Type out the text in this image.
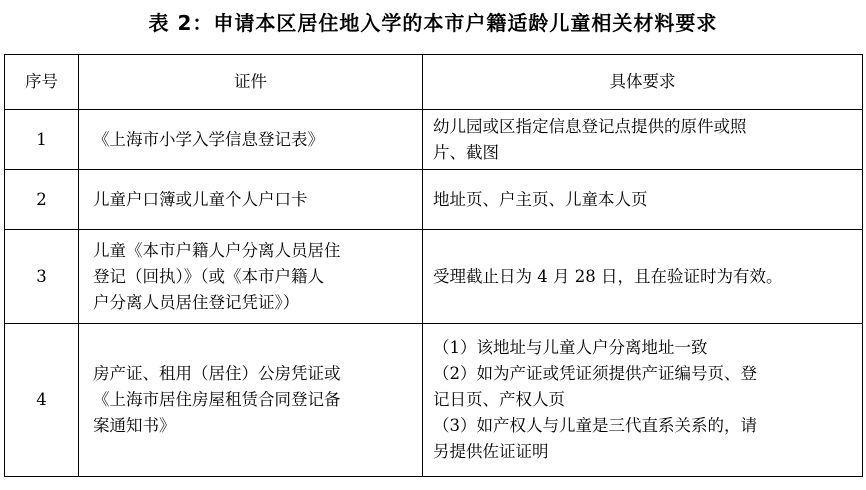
表 2：申请本区居住地入学的本市户籍适龄儿童相关材料要求
序号	证件	具体要求
1	《上海市小学入学信息登记表》	幼儿园或区指定信息登记点提供的原件或照
片、截图

2	儿童户口簿或儿童个人户口卡	地址页、户主页、儿童本人页

3	儿童《本市户籍人户分离人员居住
登记（回执）》（或《本市户籍人
户分离人员居住登记凭证》）	受理截止日为 4 月 28 日，且在验证时为有效。

4	房产证、租用（居住）公房凭证或
《上海市居住房屋租赁合同登记备
案通知书》	（1）该地址与儿童人户分离地址一致
（2）如为产证或凭证须提供产证编号页、登
记日页、产权人页
（3）如产权人与儿童是三代直系关系的，请
另提供佐证证明
